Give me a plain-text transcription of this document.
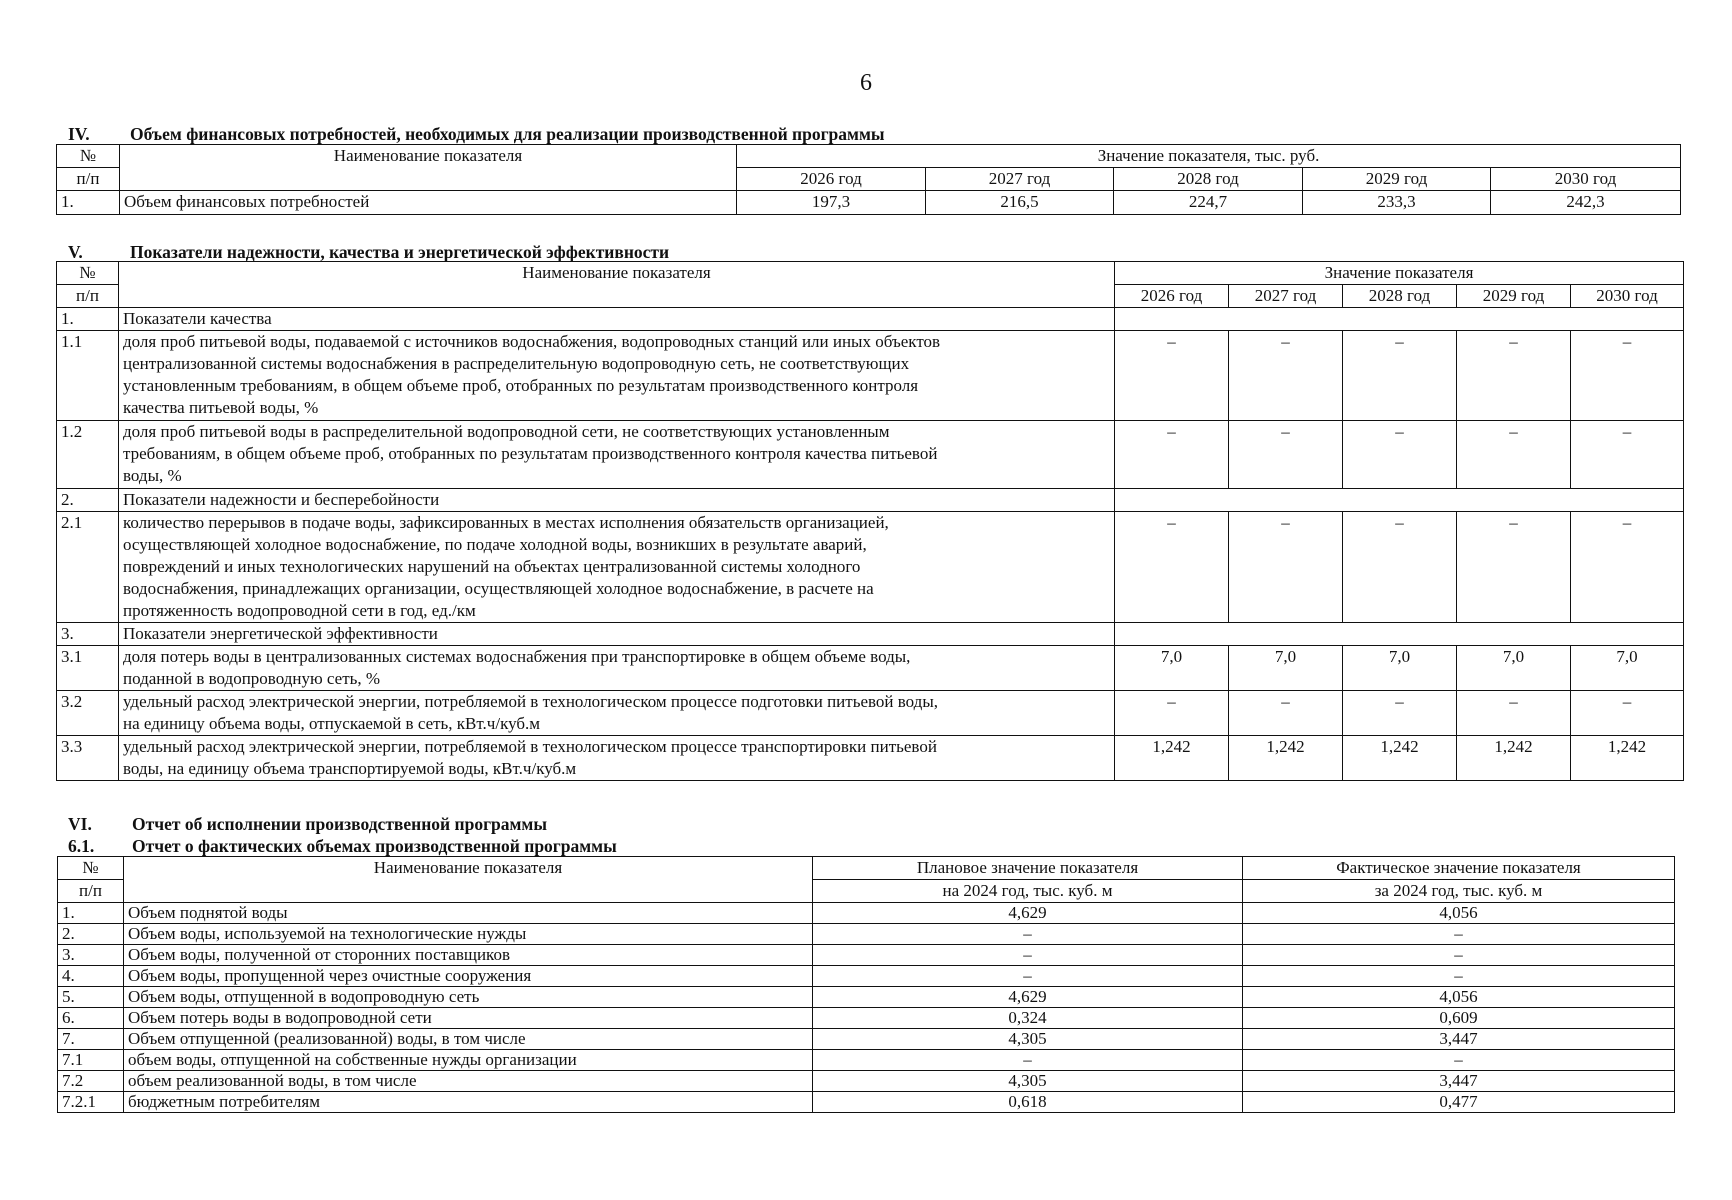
6
IV. Объем финансовых потребностей, необходимых для реализации производственной программы
№	Наименование показателя	Значение показателя, тыс. руб.				
п/п		2026 год	2027 год	2028 год	2029 год	2030 год
1.	Объем финансовых потребностей	197,3	216,5	224,7	233,3	242,3
V.	Показатели надежности, качества и энергетической эффективности
№	Наименование показателя	Значение показателя				
п/п		2026 год	2027 год	2028 год	2029 год	2030 год
1.	Показатели качества					
1.1	доля проб питьевой воды, подаваемой с источников водоснабжения, водопроводных станций или иных объектов
централизованной системы водоснабжения в распределительную водопроводную сеть, не соответствующих
установленным требованиям, в общем объеме проб, отобранных по результатам производственного контроля
качества питьевой воды, %	–	–	–	–	–
1.2	доля проб питьевой воды в распределительной водопроводной сети, не соответствующих установленным
требованиям, в общем объеме проб, отобранных по результатам производственного контроля качества питьевой
воды, %	–	–	–	–	–
2.	Показатели надежности и бесперебойности					
2.1	количество перерывов в подаче воды, зафиксированных в местах исполнения обязательств организацией,
осуществляющей холодное водоснабжение, по подаче холодной воды, возникших в результате аварий,
повреждений и иных технологических нарушений на объектах централизованной системы холодного
водоснабжения, принадлежащих организации, осуществляющей холодное водоснабжение, в расчете на
протяженность водопроводной сети в год, ед./км	–	–	–	–	–
3.	Показатели энергетической эффективности					
3.1	доля потерь воды в централизованных системах водоснабжения при транспортировке в общем объеме воды,
поданной в водопроводную сеть, %	7,0	7,0	7,0	7,0	7,0
3.2	удельный расход электрической энергии, потребляемой в технологическом процессе подготовки питьевой воды,
на единицу объема воды, отпускаемой в сеть, кВт.ч/куб.м	–	–	–	–	–
3.3	удельный расход электрической энергии, потребляемой в технологическом процессе транспортировки питьевой
воды, на единицу объема транспортируемой воды, кВт.ч/куб.м	1,242	1,242	1,242	1,242	1,242
VI. Отчет об исполнении производственной программы
6.1. Отчет о фактических объемах производственной программы
№	Наименование показателя	Плановое значение показателя	Фактическое значение показателя
п/п		на 2024 год, тыс. куб. м	за 2024 год, тыс. куб. м
1.	Объем поднятой воды	4,629	4,056
2.	Объем воды, используемой на технологические нужды	–	–
3.	Объем воды, полученной от сторонних поставщиков	–	–
4.	Объем воды, пропущенной через очистные сооружения	–	–
5.	Объем воды, отпущенной в водопроводную сеть	4,629	4,056
6.	Объем потерь воды в водопроводной сети	0,324	0,609
7.	Объем отпущенной (реализованной) воды, в том числе	4,305	3,447
7.1	объем воды, отпущенной на собственные нужды организации	–	–
7.2	объем реализованной воды, в том числе	4,305	3,447
7.2.1	бюджетным потребителям	0,618	0,477
